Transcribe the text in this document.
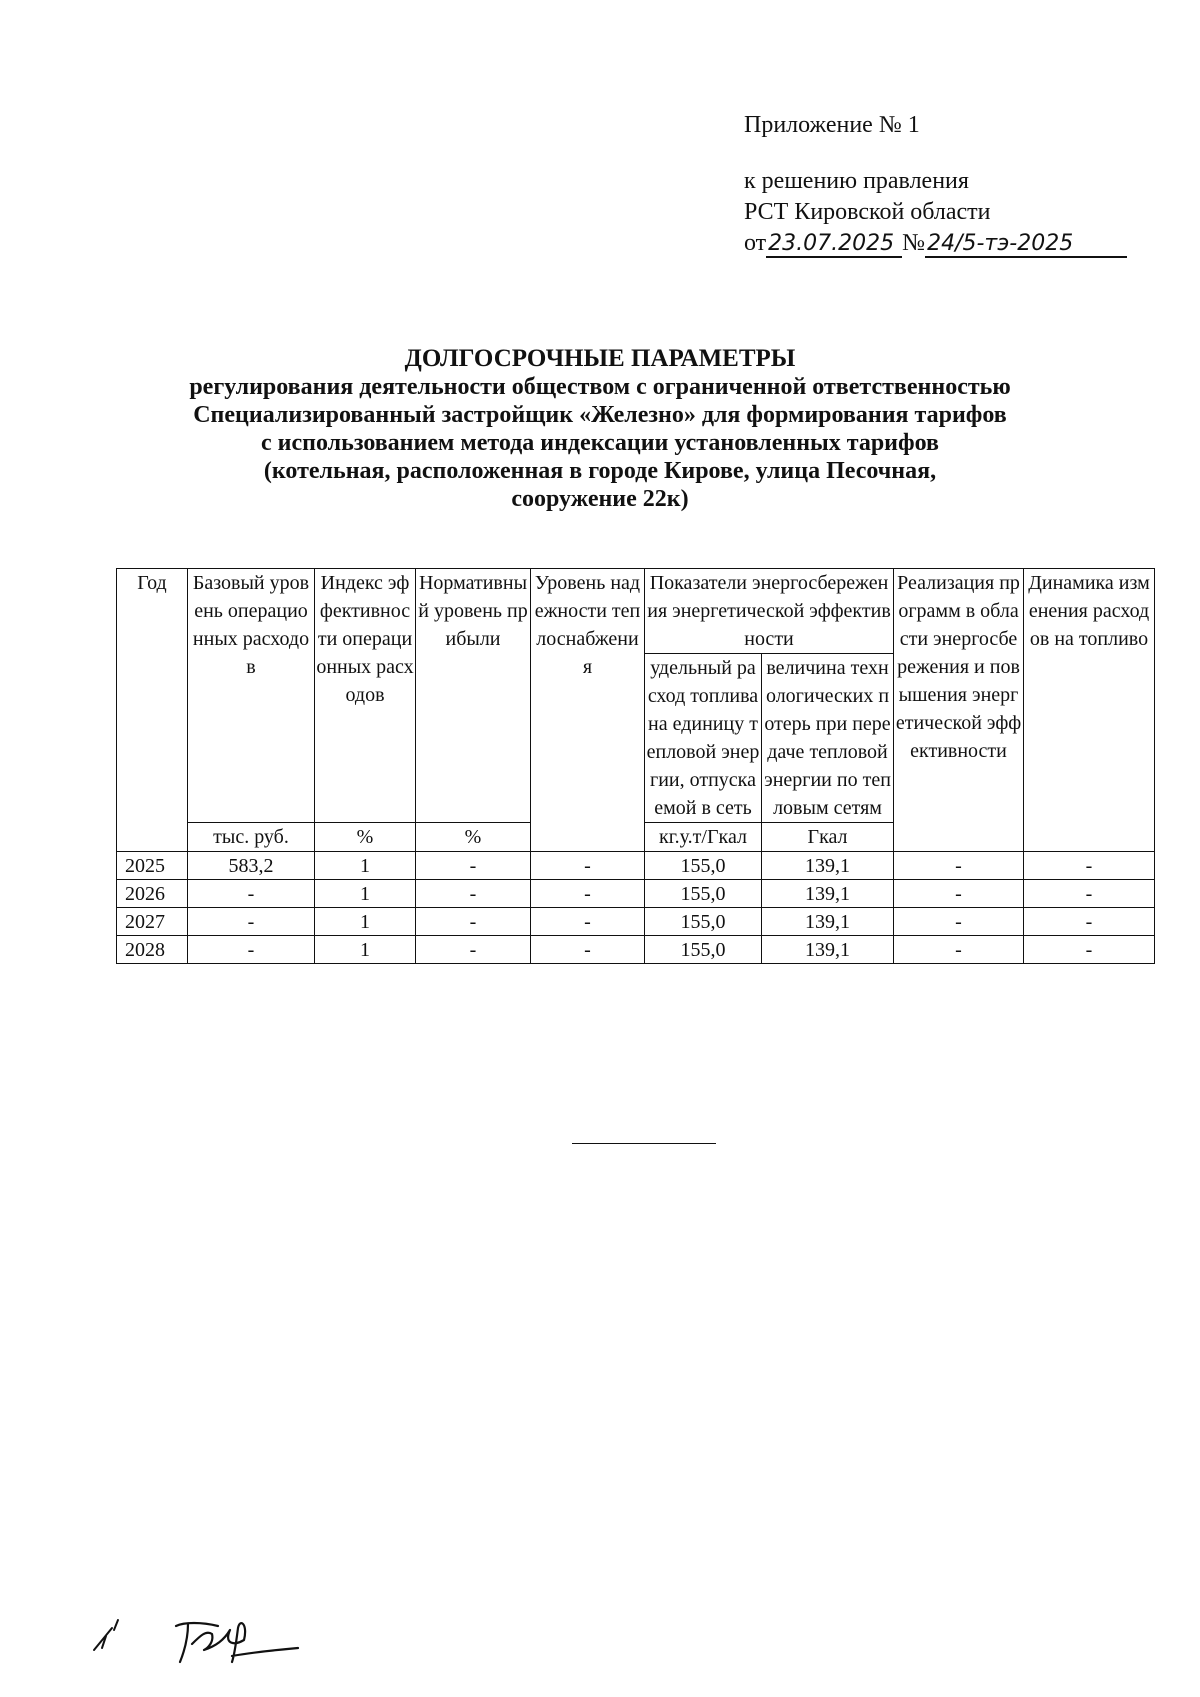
Приложение № 1
к решению правления
РСТ Кировской области
от23.07.2025 №24/5-тэ-2025
ДОЛГОСРОЧНЫЕ ПАРАМЕТРЫ
регулирования деятельности обществом с ограниченной ответственностью
Специализированный застройщик «Железно» для формирования тарифов
с использованием метода индексации установленных тарифов
(котельная, расположенная в городе Кирове, улица Песочная,
сооружение 22к)
Год	Базовый уровень операционных расходов	Индекс эффективности операционных расходов	Нормативный уровень прибыли	Уровень надежности теплоснабжения	Показатели энергосбережения энергетической эффективности		Реализация программ в области энергосбережения и повышения энергетической эффективности	Динамика изменения расходов на топливо
					удельный расход топлива на единицу тепловой энергии, отпускаемой в сеть	величина технологических потерь при передаче тепловой энергии по тепловым сетям		
	тыс. руб.	%	%		кг.у.т/Гкал	Гкал		
2025	583,2	1	-	-	155,0	139,1	-	-
2026	-	1	-	-	155,0	139,1	-	-
2027	-	1	-	-	155,0	139,1	-	-
2028	-	1	-	-	155,0	139,1	-	-
